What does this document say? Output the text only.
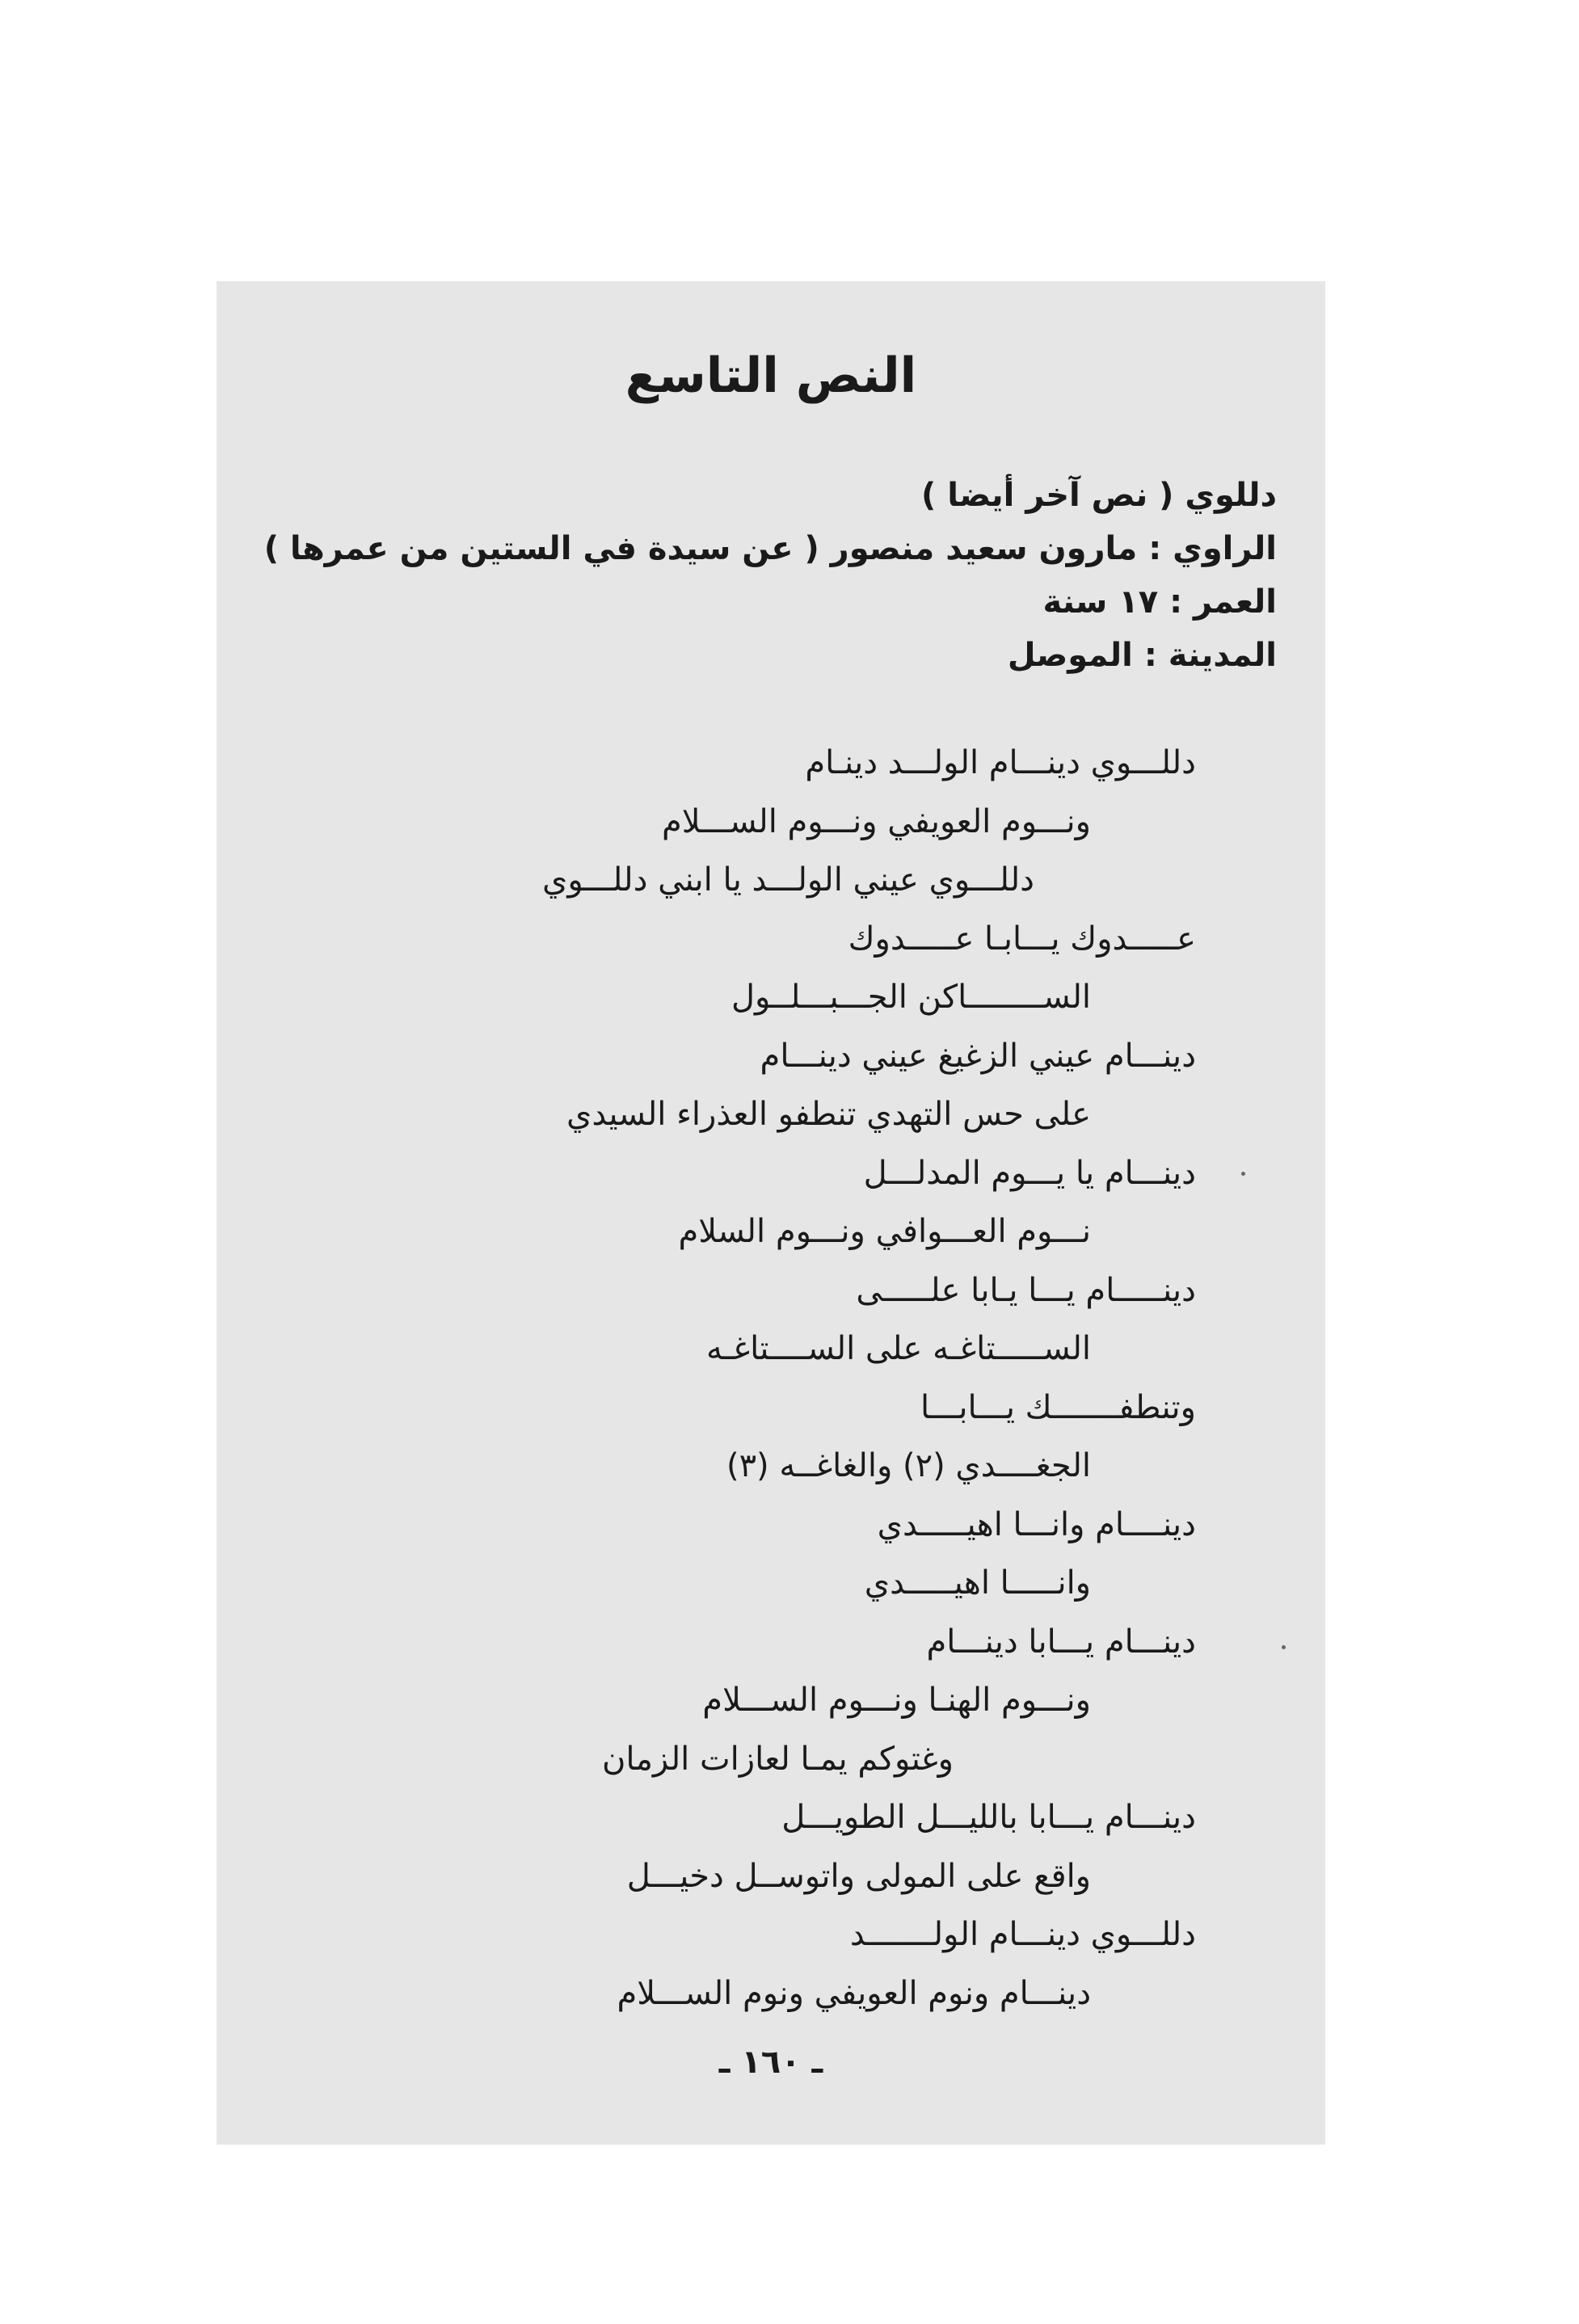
النص التاسع
دللوي ( نص آخر أيضا )
الراوي : مارون سعيد منصور ( عن سيدة في الستين من عمرها )
العمر : ١٧ سنة
المدينة : الموصل
دللـــوي دينـــام الولـــد دينـام
ونـــوم العويفي ونـــوم الســـلام
دللـــوي عيني الولـــد يا ابني دللـــوي
عـــــدوك يـــابـا عـــــدوك
الســــــــاكن الجـــبـــلــول
دينـــام عيني الزغيغ عيني دينـــام
على حس التهدي تنطفو العذراء السيدي
دينـــام يا يـــوم المدلـــل
نـــوم العـــوافي ونـــوم السلام
دينـــــام يـــا يـابا علـــــى
الســـــتاغـه على الســــتاغـه
وتنطفـــــــك يـــابـــا
الجغــــدي (٢) والغاغــه (٣)
دينــــام وانـــا اهيـــــدي
وانـــــا اهيـــــدي
دينـــام يـــابا دينـــام
ونـــوم الهنـا ونـــوم الســـلام
وغتوكم يمـا لعازات الزمان
دينـــام يـــابا بالليـــل الطويـــل
واقع على المولى واتوســل دخيـــل
دللـــوي دينـــام الولـــــــد
دينـــام ونوم العويفي ونوم الســـلام
ـ ١٦٠ ـ
